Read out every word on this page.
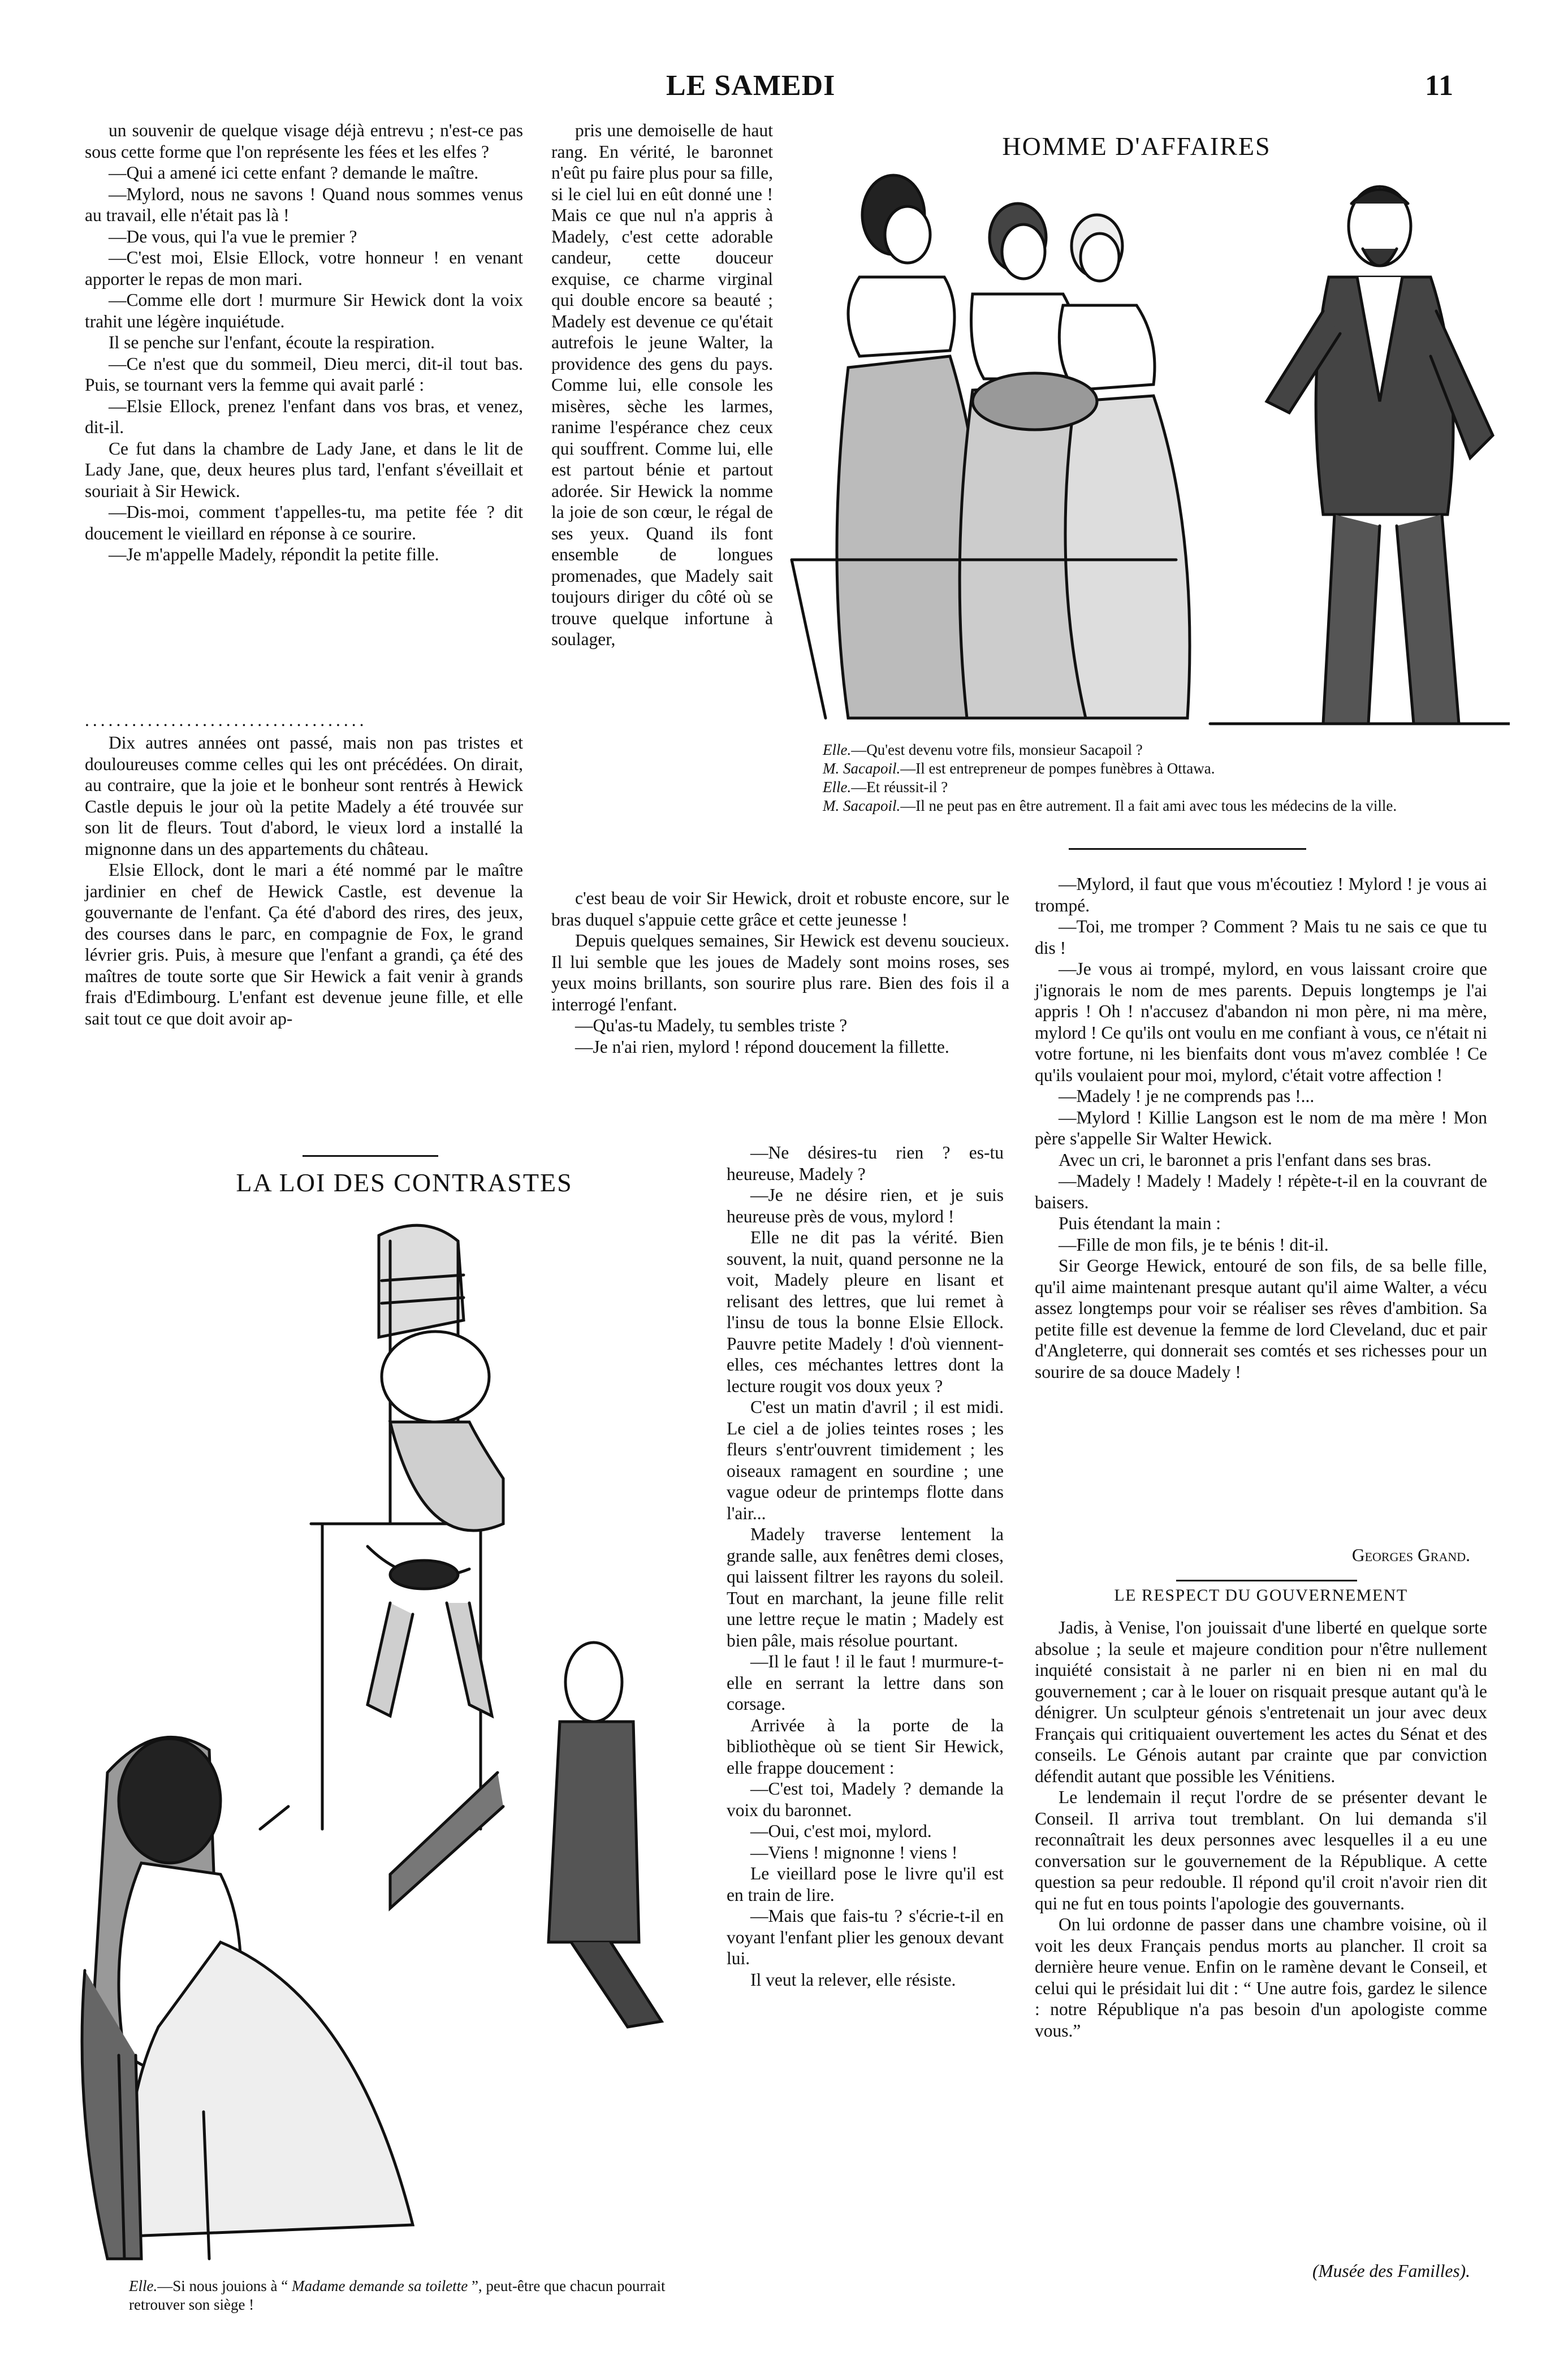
LE SAMEDI	11

un souvenir de quelque visage déjà entrevu ; n'est-ce pas sous cette forme que l'on représente les fées et les elfes ?

—Qui a amené ici cette enfant ? demande le maître.

—Mylord, nous ne savons ! Quand nous sommes venus au travail, elle n'était pas là !

—De vous, qui l'a vue le premier ?

—C'est moi, Elsie Ellock, votre honneur ! en venant apporter le repas de mon mari.

—Comme elle dort ! murmure Sir Hewick dont la voix trahit une légère inquiétude.

Il se penche sur l'enfant, écoute la respiration.

—Ce n'est que du sommeil, Dieu merci, dit-il tout bas. Puis, se tournant vers la femme qui avait parlé :

—Elsie Ellock, prenez l'enfant dans vos bras, et venez, dit-il.

Ce fut dans la chambre de Lady Jane, et dans le lit de Lady Jane, que, deux heures plus tard, l'enfant s'éveillait et souriait à Sir Hewick.

—Dis-moi, comment t'appelles-tu, ma petite fée ? dit doucement le vieillard en réponse à ce sourire.

—Je m'appelle Madely, répondit la petite fille.

....................................

Dix autres années ont passé, mais non pas tristes et douloureuses comme celles qui les ont précédées. On dirait, au contraire, que la joie et le bonheur sont rentrés à Hewick Castle depuis le jour où la petite Madely a été trouvée sur son lit de fleurs. Tout d'abord, le vieux lord a installé la mignonne dans un des appartements du château.

Elsie Ellock, dont le mari a été nommé par le maître jardinier en chef de Hewick Castle, est devenue la gouvernante de l'enfant. Ça été d'abord des rires, des jeux, des courses dans le parc, en compagnie de Fox, le grand lévrier gris. Puis, à mesure que l'enfant a grandi, ça été des maîtres de toute sorte que Sir Hewick a fait venir à grands frais d'Edimbourg. L'enfant est devenue jeune fille, et elle sait tout ce que doit avoir ap-

LA LOI DES CONTRASTES
Elle.—Si nous jouions à “ Madame demande sa toilette ”, peut-être que chacun pourrait retrouver son siège !

pris une demoiselle de haut rang. En vérité, le baronnet n'eût pu faire plus pour sa fille, si le ciel lui en eût donné une ! Mais ce que nul n'a appris à Madely, c'est cette adorable candeur, cette douceur exquise, ce charme virginal qui double encore sa beauté ; Madely est devenue ce qu'était autrefois le jeune Walter, la providence des gens du pays. Comme lui, elle console les misères, sèche les larmes, ranime l'espérance chez ceux qui souffrent. Comme lui, elle est partout bénie et partout adorée. Sir Hewick la nomme la joie de son cœur, le régal de ses yeux. Quand ils font ensemble de longues promenades, que Madely sait toujours diriger du côté où se trouve quelque infortune à soulager,

c'est beau de voir Sir Hewick, droit et robuste encore, sur le bras duquel s'appuie cette grâce et cette jeunesse !

Depuis quelques semaines, Sir Hewick est devenu soucieux. Il lui semble que les joues de Madely sont moins roses, ses yeux moins brillants, son sourire plus rare. Bien des fois il a interrogé l'enfant.

—Qu'as-tu Madely, tu sembles triste ?

—Je n'ai rien, mylord ! répond doucement la fillette.

—Ne désires-tu rien ? es-tu heureuse, Madely ?

—Je ne désire rien, et je suis heureuse près de vous, mylord !

Elle ne dit pas la vérité. Bien souvent, la nuit, quand personne ne la voit, Madely pleure en lisant et relisant des lettres, que lui remet à l'insu de tous la bonne Elsie Ellock. Pauvre petite Madely ! d'où viennent-elles, ces méchantes lettres dont la lecture rougit vos doux yeux ?

C'est un matin d'avril ; il est midi. Le ciel a de jolies teintes roses ; les fleurs s'entr'ouvrent timidement ; les oiseaux ramagent en sourdine ; une vague odeur de printemps flotte dans l'air...

Madely traverse lentement la grande salle, aux fenêtres demi closes, qui laissent filtrer les rayons du soleil. Tout en marchant, la jeune fille relit une lettre reçue le matin ; Madely est bien pâle, mais résolue pourtant.

—Il le faut ! il le faut ! murmure-t-elle en serrant la lettre dans son corsage.

Arrivée à la porte de la bibliothèque où se tient Sir Hewick, elle frappe doucement :

—C'est toi, Madely ? demande la voix du baronnet.

—Oui, c'est moi, mylord.

—Viens ! mignonne ! viens !

Le vieillard pose le livre qu'il est en train de lire.

—Mais que fais-tu ? s'écrie-t-il en voyant l'enfant plier les genoux devant lui.

Il veut la relever, elle résiste.

HOMME D'AFFAIRES
Elle.—Qu'est devenu votre fils, monsieur Sacapoil ?
M. Sacapoil.—Il est entrepreneur de pompes funèbres à Ottawa.
Elle.—Et réussit-il ?
M. Sacapoil.—Il ne peut pas en être autrement. Il a fait ami avec tous les médecins de la ville.

—Mylord, il faut que vous m'écoutiez ! Mylord ! je vous ai trompé.

—Toi, me tromper ? Comment ? Mais tu ne sais ce que tu dis !

—Je vous ai trompé, mylord, en vous laissant croire que j'ignorais le nom de mes parents. Depuis longtemps je l'ai appris ! Oh ! n'accusez d'abandon ni mon père, ni ma mère, mylord ! Ce qu'ils ont voulu en me confiant à vous, ce n'était ni votre fortune, ni les bienfaits dont vous m'avez comblée ! Ce qu'ils voulaient pour moi, mylord, c'était votre affection !

—Madely ! je ne comprends pas !...

—Mylord ! Killie Langson est le nom de ma mère ! Mon père s'appelle Sir Walter Hewick.

Avec un cri, le baronnet a pris l'enfant dans ses bras.

—Madely ! Madely ! Madely ! répète-t-il en la couvrant de baisers.

Puis étendant la main :

—Fille de mon fils, je te bénis ! dit-il.

Sir George Hewick, entouré de son fils, de sa belle fille, qu'il aime maintenant presque autant qu'il aime Walter, a vécu assez longtemps pour voir se réaliser ses rêves d'ambition. Sa petite fille est devenue la femme de lord Cleveland, duc et pair d'Angleterre, qui donnerait ses comtés et ses richesses pour un sourire de sa douce Madely !

Georges Grand.
LE RESPECT DU GOUVERNEMENT

Jadis, à Venise, l'on jouissait d'une liberté en quelque sorte absolue ; la seule et majeure condition pour n'être nullement inquiété consistait à ne parler ni en bien ni en mal du gouvernement ; car à le louer on risquait presque autant qu'à le dénigrer. Un sculpteur génois s'entretenait un jour avec deux Français qui critiquaient ouvertement les actes du Sénat et des conseils. Le Génois autant par crainte que par conviction défendit autant que possible les Vénitiens.

Le lendemain il reçut l'ordre de se présenter devant le Conseil. Il arriva tout tremblant. On lui demanda s'il reconnaîtrait les deux personnes avec lesquelles il a eu une conversation sur le gouvernement de la République. A cette question sa peur redouble. Il répond qu'il croit n'avoir rien dit qui ne fut en tous points l'apologie des gouvernants.

On lui ordonne de passer dans une chambre voisine, où il voit les deux Français pendus morts au plancher. Il croit sa dernière heure venue. Enfin on le ramène devant le Conseil, et celui qui le présidait lui dit : “ Une autre fois, gardez le silence : notre République n'a pas besoin d'un apologiste comme vous.”

(Musée des Familles).
